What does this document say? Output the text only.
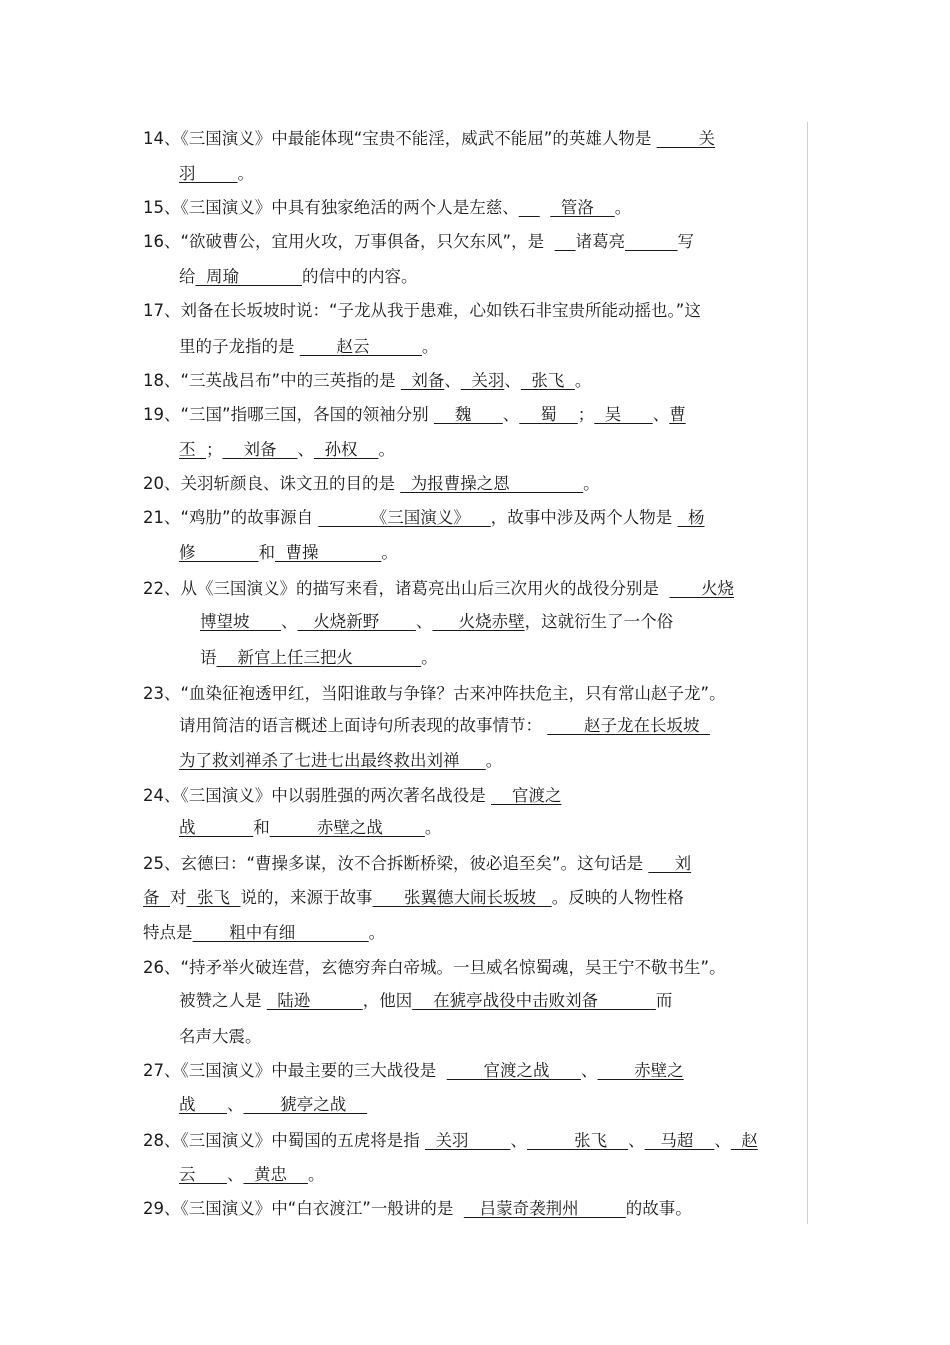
14、《三国演义》中最能体现“宝贵不能淫，威武不能屈”的英雄人物是         关
羽        。
15、《三国演义》中具有独家绝活的两个人是左慈、        管洛    。
16、“欲破曹公，宜用火攻，万事俱备，只欠东风”，是      诸葛亮	写
给  周瑜            的信中的内容。
17、刘备在长坂坡时说：“子龙从我于患难，心如铁石非宝贵所能动摇也。”这
里的子龙指的是        赵云          。
18、“三英战吕布”中的三英指的是   刘备、  关羽、  张飞  。
19、“三国”指哪三国，各国的领袖分别     魏      、    蜀    ；  吴      、曹
丕  ；    刘备    、  孙权    。
20、关羽斩颜良、诛文丑的目的是   为报曹操之恩              。
21、“鸡肋”的故事源自           《三国演义》    ，故事中涉及两个人物是   杨
修            和  曹操            。
22、从《三国演义》的描写来看，诸葛亮出山后三次用火的战役分别是        火烧
博望坡      、   火烧新野       、     火烧赤壁，这就衍生了一个俗
语    新官上任三把火             。
23、“血染征袍透甲红，当阳谁敢与争锋？古来冲阵扶危主，只有常山赵子龙”。
请用简洁的语言概述上面诗句所表现的故事情节：        赵子龙在长坂坡
为了救刘禅杀了七进七出最终救出刘禅     。
24、《三国演义》中以弱胜强的两次著名战役是     官渡之
战           和         赤壁之战        。
25、玄德曰：“曹操多谋，汝不合拆断桥梁，彼必追至矣”。这句话是      刘
备  对  张飞  说的，来源于故事      张翼德大闹长坂坡   。反映的人物性格
特点是       粗中有细              。
26、“持矛举火破连营，玄德穷奔白帝城。一旦威名惊蜀魂，吴王宁不敬书生”。
被赞之人是   陆逊          ，他因    在猇亭战役中击败刘备           而
名声大震。
27、《三国演义》中最主要的三大战役是         官渡之战      、       赤壁之
战      、       猇亭之战
28、《三国演义》中蜀国的五虎将是指   关羽        、         张飞    、   马超    、  赵
云      、  黄忠    。
29、《三国演义》中“白衣渡江”一般讲的是     吕蒙奇袭荆州         的故事。
